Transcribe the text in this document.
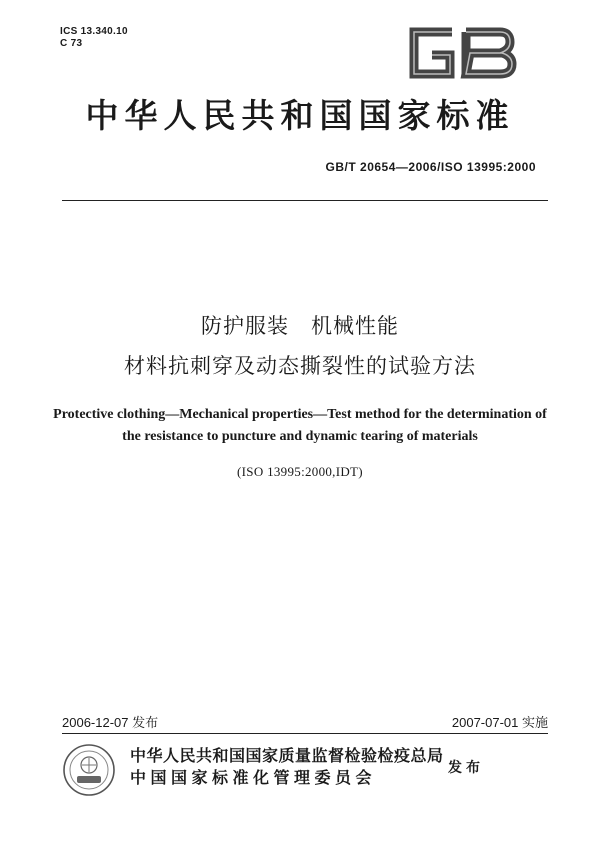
ICS 13.340.10
C 73
GB
中华人民共和国国家标准
GB/T 20654—2006/ISO 13995:2000
防护服装　机械性能
材料抗刺穿及动态撕裂性的试验方法
Protective clothing—Mechanical properties—Test method for the determination of
the resistance to puncture and dynamic tearing of materials
(ISO 13995:2000,IDT)
2006-12-07 发布	2007-07-01 实施
中华人民共和国国家质量监督检验检疫总局
中国国家标准化管理委员会	发布
